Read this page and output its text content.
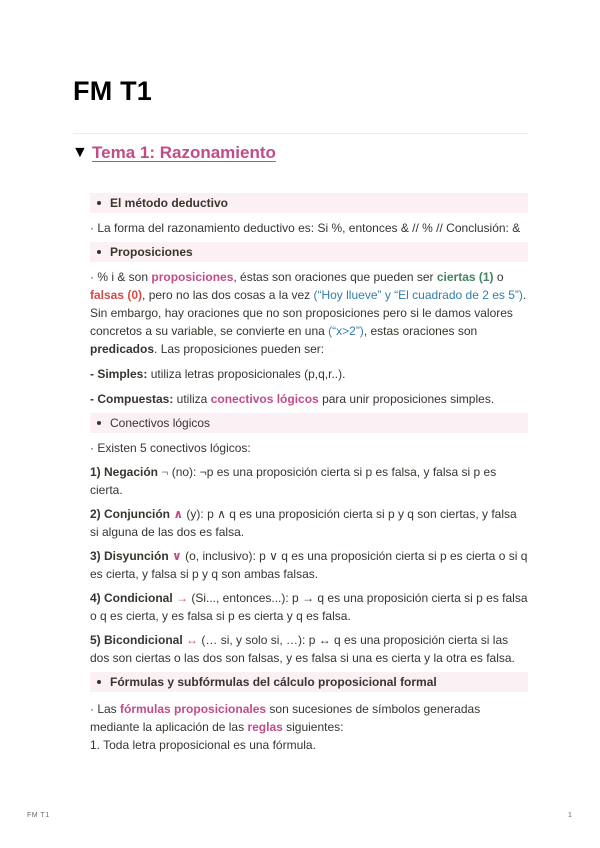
FM T1
▼ Tema 1: Razonamiento
El método deductivo

· La forma del razonamiento deductivo es: Si %, entonces & // % // Conclusión: &

Proposiciones

· % i & son proposiciones, éstas son oraciones que pueden ser ciertas (1) o falsas (0), pero no las dos cosas a la vez (“Hoy llueve” y “El cuadrado de 2 es 5”). Sin embargo, hay oraciones que no son proposiciones pero si le damos valores concretos a su variable, se convierte en una (“x>2”), estas oraciones son predicados. Las proposiciones pueden ser:

- Simples: utiliza letras proposicionales (p,q,r..).

- Compuestas: utiliza conectivos lógicos para unir proposiciones simples.

Conectivos lógicos

· Existen 5 conectivos lógicos:

1) Negación ¬ (no): ¬p es una proposición cierta si p es falsa, y falsa si p es cierta.

2) Conjunción ∧ (y): p ∧ q es una proposición cierta si p y q son ciertas, y falsa si alguna de las dos es falsa.

3) Disyunción ∨ (o, inclusivo): p ∨ q es una proposición cierta si p es cierta o si q es cierta, y falsa si p y q son ambas falsas.

4) Condicional → (Si..., entonces...): p → q es una proposición cierta si p es falsa o q es cierta, y es falsa si p es cierta y q es falsa.

5) Bicondicional ↔ (… si, y solo si, …): p ↔ q es una proposición cierta si las dos son ciertas o las dos son falsas, y es falsa si una es cierta y la otra es falsa.

Fórmulas y subfórmulas del cálculo proposicional formal

· Las fórmulas proposicionales son sucesiones de símbolos generadas mediante la aplicación de las reglas siguientes:

1. Toda letra proposicional es una fórmula.

FM T1	1
